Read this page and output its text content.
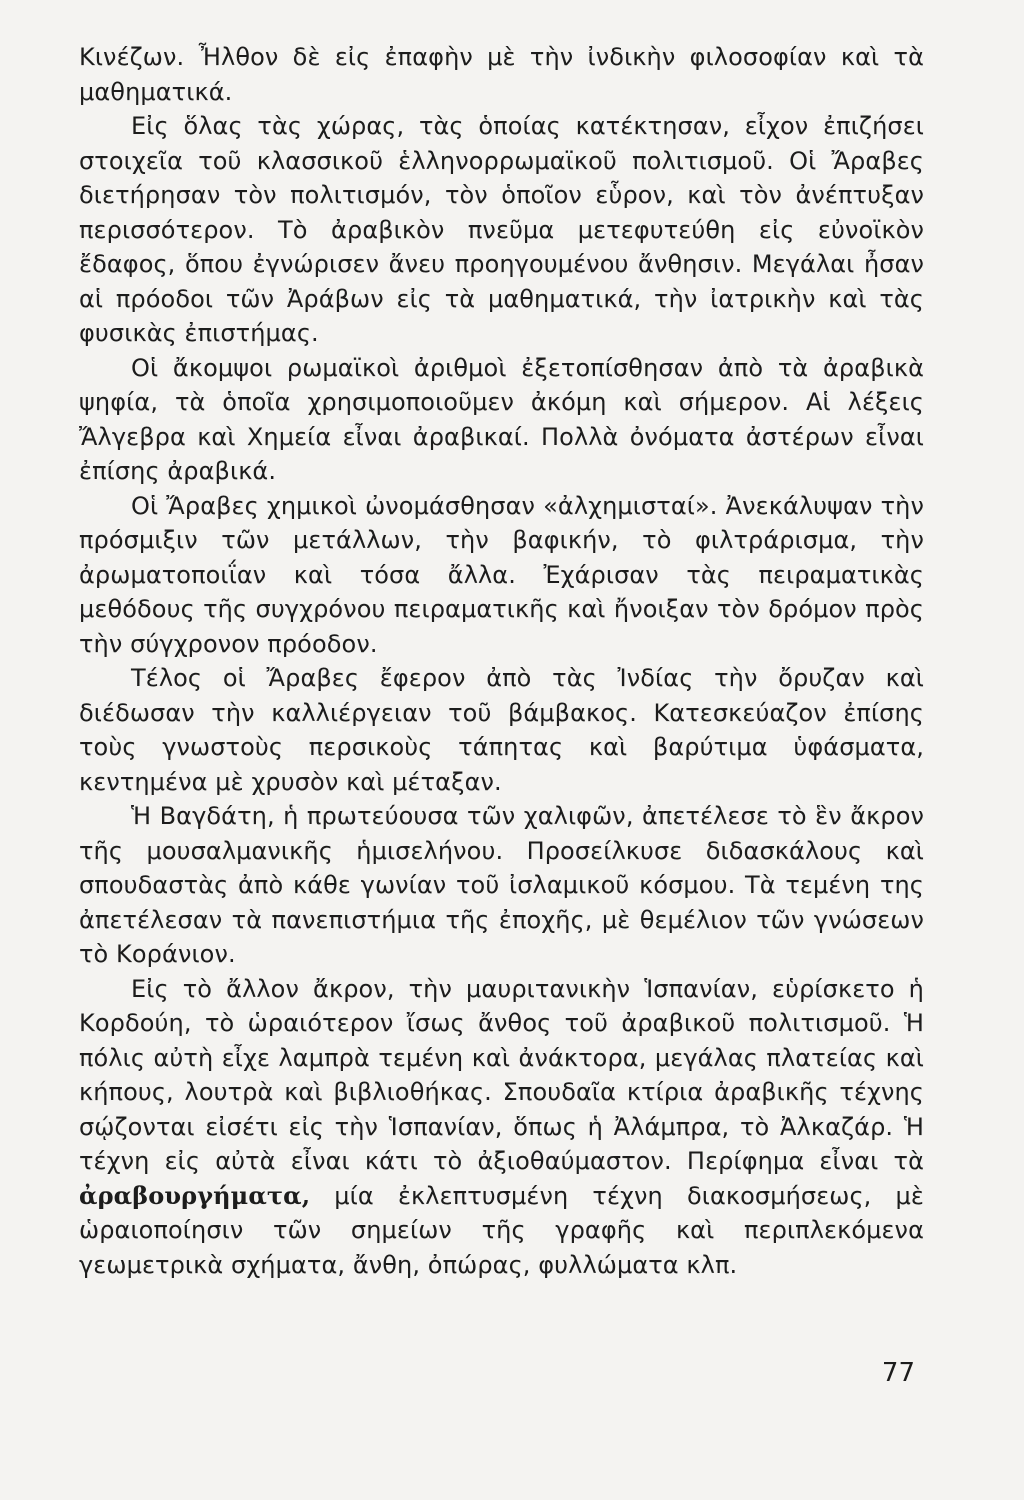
Κινέζων. Ἦλθον δὲ εἰς ἐπαφὴν μὲ τὴν ἰνδικὴν φιλοσοφίαν καὶ τὰ μαθηματικά.

Εἰς ὅλας τὰς χώρας, τὰς ὁποίας κατέκτησαν, εἶχον ἐπιζήσει στοιχεῖα τοῦ κλασσικοῦ ἑλληνορρωμαϊκοῦ πολιτισμοῦ. Οἱ Ἄραβες διετήρησαν τὸν πολιτισμόν, τὸν ὁποῖον εὗρον, καὶ τὸν ἀνέπτυξαν περισσότερον. Τὸ ἀραβικὸν πνεῦμα μετεφυτεύθη εἰς εὐνοϊκὸν ἔδαφος, ὅπου ἐγνώρισεν ἄνευ προηγουμένου ἄνθησιν. Μεγάλαι ἦσαν αἱ πρόοδοι τῶν Ἀράβων εἰς τὰ μαθηματικά, τὴν ἰατρικὴν καὶ τὰς φυσικὰς ἐπιστήμας.

Οἱ ἄκομψοι ρωμαϊκοὶ ἀριθμοὶ ἐξετοπίσθησαν ἀπὸ τὰ ἀραβικὰ ψηφία, τὰ ὁποῖα χρησιμοποιοῦμεν ἀκόμη καὶ σήμερον. Αἱ λέξεις Ἄλγεβρα καὶ Χημεία εἶναι ἀραβικαί. Πολλὰ ὀνόματα ἀστέρων εἶναι ἐπίσης ἀραβικά.

Οἱ Ἄραβες χημικοὶ ὠνομάσθησαν «ἀλχημισταί». Ἀνεκάλυψαν τὴν πρόσμιξιν τῶν μετάλλων, τὴν βαφικήν, τὸ φιλτράρισμα, τὴν ἀρωματοποιΐαν καὶ τόσα ἄλλα. Ἐχάρισαν τὰς πειραματικὰς μεθόδους τῆς συγχρόνου πειραματικῆς καὶ ἤνοιξαν τὸν δρόμον πρὸς τὴν σύγχρονον πρόοδον.

Τέλος οἱ Ἄραβες ἔφερον ἀπὸ τὰς Ἰνδίας τὴν ὄρυζαν καὶ διέδωσαν τὴν καλλιέργειαν τοῦ βάμβακος. Κατεσκεύαζον ἐπίσης τοὺς γνωστοὺς περσικοὺς τάπητας καὶ βαρύτιμα ὑφάσματα, κεντημένα μὲ χρυσὸν καὶ μέταξαν.

Ἡ Βαγδάτη, ἡ πρωτεύουσα τῶν χαλιφῶν, ἀπετέλεσε τὸ ἓν ἄκρον τῆς μουσαλμανικῆς ἡμισελήνου. Προσείλκυσε διδασκάλους καὶ σπουδαστὰς ἀπὸ κάθε γωνίαν τοῦ ἰσλαμικοῦ κόσμου. Τὰ τεμένη της ἀπετέλεσαν τὰ πανεπιστήμια τῆς ἐποχῆς, μὲ θεμέλιον τῶν γνώσεων τὸ Κοράνιον.

Εἰς τὸ ἄλλον ἄκρον, τὴν μαυριτανικὴν Ἱσπανίαν, εὑρίσκετο ἡ Κορδούη, τὸ ὡραιότερον ἴσως ἄνθος τοῦ ἀραβικοῦ πολιτισμοῦ. Ἡ πόλις αὐτὴ εἶχε λαμπρὰ τεμένη καὶ ἀνάκτορα, μεγάλας πλατείας καὶ κήπους, λουτρὰ καὶ βιβλιοθήκας. Σπουδαῖα κτίρια ἀραβικῆς τέχνης σῴζονται εἰσέτι εἰς τὴν Ἱσπανίαν, ὅπως ἡ Ἀλάμπρα, τὸ Ἀλκαζάρ. Ἡ τέχνη εἰς αὐτὰ εἶναι κάτι τὸ ἀξιοθαύμαστον. Περίφημα εἶναι τὰ ἀραβουργήματα, μία ἐκλεπτυσμένη τέχνη διακοσμήσεως, μὲ ὡραιοποίησιν τῶν σημείων τῆς γραφῆς καὶ περιπλεκόμενα γεωμετρικὰ σχήματα, ἄνθη, ὀπώρας, φυλλώματα κλπ.

77
